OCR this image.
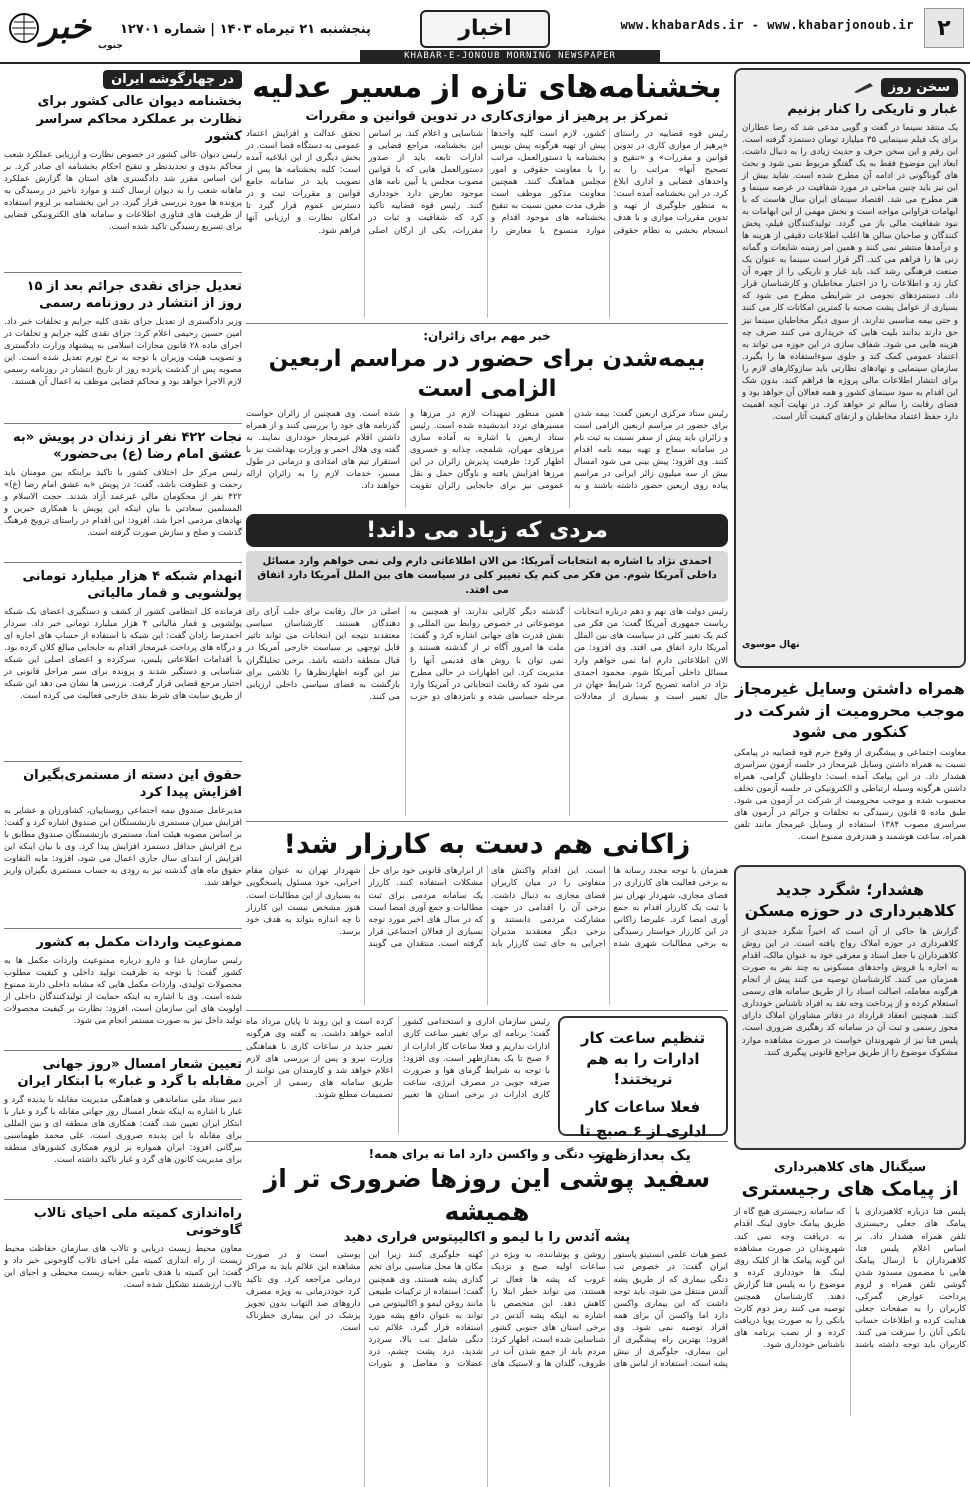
۲
www.khabarAds.ir - www.khabarjonoub.ir
اخبار
پنجشنبه ۲۱ تیرماه ۱۴۰۳ | شماره ۱۲۷۰۱
خبر جنوب
KHABAR-E-JONOUB MORNING NEWSPAPER
سخن روز
غبار و تاریکی را کنار بزنیم
یک منتقد سینما در گفت و گویی مدعی شد که رضا عطاران برای یک فیلم سینمایی ۳۵ میلیارد تومان دستمزد گرفته است. این رقم و این سخن حرف و حدیث زیادی را به دنبال داشت. ابعاد این موضوع فقط به یک گفتگو مربوط نمی شود و بحث های گوناگونی در ادامه آن مطرح شده است. شاید بیش از این نیز باید چنین مباحثی در مورد شفافیت در عرصه سینما و هنر مطرح می شد. اقتصاد سینمای ایران سال هاست که با ابهامات فراوانی مواجه است و بخش مهمی از این ابهامات به نبود شفافیت مالی باز می گردد. تولیدکنندگان فیلم، پخش کنندگان و صاحبان سالن ها اغلب اطلاعات دقیقی از هزینه ها و درآمدها منتشر نمی کنند و همین امر زمینه شایعات و گمانه زنی ها را فراهم می کند. اگر قرار است سینما به عنوان یک صنعت فرهنگی رشد کند، باید غبار و تاریکی را از چهره آن کنار زد و اطلاعات را در اختیار مخاطبان و کارشناسان قرار داد. دستمزدهای نجومی در شرایطی مطرح می شود که بسیاری از عوامل پشت صحنه با کمترین امکانات کار می کنند و حتی بیمه مناسبی ندارند. از سوی دیگر مخاطبان سینما نیز حق دارند بدانند بلیت هایی که خریداری می کنند صرف چه هزینه هایی می شود. شفاف سازی در این حوزه می تواند به اعتماد عمومی کمک کند و جلوی سوءاستفاده ها را بگیرد. سازمان سینمایی و نهادهای نظارتی باید سازوکارهای لازم را برای انتشار اطلاعات مالی پروژه ها فراهم کنند. بدون شک این اقدام به سود سینمای کشور و همه فعالان آن خواهد بود و فضای رقابت را سالم تر خواهد کرد. در نهایت آنچه اهمیت دارد حفظ اعتماد مخاطبان و ارتقای کیفیت آثار است.
نهال موسوی
همراه داشتن وسایل غیرمجاز موجب محرومیت از شرکت در کنکور می شود
معاونت اجتماعی و پیشگیری از وقوع جرم قوه قضاییه در پیامکی نسبت به همراه داشتن وسایل غیرمجاز در جلسه آزمون سراسری هشدار داد. در این پیامک آمده است: داوطلبان گرامی، همراه داشتن هرگونه وسیله ارتباطی و الکترونیکی در جلسه آزمون تخلف محسوب شده و موجب محرومیت از شرکت در آزمون می شود. طبق ماده ۵ قانون رسیدگی به تخلفات و جرائم در آزمون های سراسری مصوب ۱۳۸۴ استفاده از وسایل غیرمجاز مانند تلفن همراه، ساعت هوشمند و هندزفری ممنوع است.
هشدار؛ شگرد جدید کلاهبرداری در حوزه مسکن
گزارش ها حاکی از آن است که اخیراً شگرد جدیدی از کلاهبرداری در حوزه املاک رواج یافته است. در این روش کلاهبرداران با جعل اسناد و معرفی خود به عنوان مالک، اقدام به اجاره یا فروش واحدهای مسکونی به چند نفر به صورت همزمان می کنند. کارشناسان توصیه می کنند پیش از انجام هرگونه معامله، اصالت اسناد را از طریق سامانه های رسمی استعلام کرده و از پرداخت وجه نقد به افراد ناشناس خودداری کنند. همچنین انعقاد قرارداد در دفاتر مشاوران املاک دارای مجوز رسمی و ثبت آن در سامانه کد رهگیری ضروری است. پلیس فتا نیز از شهروندان خواست در صورت مشاهده موارد مشکوک موضوع را از طریق مراجع قانونی پیگیری کنند.
سیگنال های کلاهبرداری
از پیامک های رجیستری
پلیس فتا درباره کلاهبرداری با پیامک های جعلی رجیستری تلفن همراه هشدار داد. بر اساس اعلام پلیس فتا، کلاهبرداران با ارسال پیامک هایی با مضمون مسدود شدن گوشی تلفن همراه و لزوم پرداخت عوارض گمرکی، کاربران را به صفحات جعلی هدایت کرده و اطلاعات حساب بانکی آنان را سرقت می کنند. کاربران باید توجه داشته باشند که سامانه رجیستری هیچ گاه از طریق پیامک حاوی لینک اقدام به دریافت وجه نمی کند. شهروندان در صورت مشاهده این گونه پیامک ها از کلیک روی لینک ها خودداری کرده و موضوع را به پلیس فتا گزارش دهند. کارشناسان همچنین توصیه می کنند رمز دوم کارت بانکی را به صورت پویا دریافت کرده و از نصب برنامه های ناشناس خودداری شود.
در چهارگوشه ایران
بخشنامه دیوان عالی کشور برای نظارت بر عملکرد محاکم سراسر کشور
رئیس دیوان عالی کشور در خصوص نظارت و ارزیابی عملکرد شعب محاکم بدوی و تجدیدنظر و تنقیح احکام بخشنامه ای صادر کرد. بر این اساس مقرر شد دادگستری های استان ها گزارش عملکرد ماهانه شعب را به دیوان ارسال کنند و موارد تاخیر در رسیدگی به پرونده ها مورد بررسی قرار گیرد. در این بخشنامه بر لزوم استفاده از ظرفیت های فناوری اطلاعات و سامانه های الکترونیکی قضایی برای تسریع رسیدگی تاکید شده است.
تعدیل جزای نقدی جرائم بعد از ۱۵ روز از انتشار در روزنامه رسمی
وزیر دادگستری از تعدیل جزای نقدی کلیه جرایم و تخلفات خبر داد. امین حسین رحیمی اعلام کرد: جزای نقدی کلیه جرایم و تخلفات در اجرای ماده ۲۸ قانون مجازات اسلامی به پیشنهاد وزارت دادگستری و تصویب هیئت وزیران با توجه به نرخ تورم تعدیل شده است. این مصوبه پس از گذشت پانزده روز از تاریخ انتشار در روزنامه رسمی لازم الاجرا خواهد بود و محاکم قضایی موظف به اعمال آن هستند.
نجات ۴۲۲ نفر از زندان در پویش «به عشق امام رضا (ع) بی‌حضور»
رئیس مرکز حل اختلاف کشور با تاکید براینکه بین مومنان باید رحمت و عطوفت باشد، گفت: در پویش «به عشق امام رضا (ع)» ۴۲۲ نفر از محکومان مالی غیرعمد آزاد شدند. حجت الاسلام و المسلمین سعادتی با بیان اینکه این پویش با همکاری خیرین و نهادهای مردمی اجرا شد، افزود: این اقدام در راستای ترویج فرهنگ گذشت و صلح و سازش صورت گرفته است.
انهدام شبکه ۴ هزار میلیارد تومانی پولشویی و قمار مالیاتی
فرمانده کل انتظامی کشور از کشف و دستگیری اعضای یک شبکه پولشویی و قمار مالیاتی ۴ هزار میلیارد تومانی خبر داد. سردار احمدرضا رادان گفت: این شبکه با استفاده از حساب های اجاره ای و درگاه های پرداخت غیرمجاز اقدام به جابجایی مبالغ کلان کرده بود. با اقدامات اطلاعاتی پلیس، سرکرده و اعضای اصلی این شبکه شناسایی و دستگیر شدند و پرونده برای سیر مراحل قانونی در اختیار مرجع قضایی قرار گرفت. بررسی ها نشان می دهد این شبکه از طریق سایت های شرط بندی خارجی فعالیت می کرده است.
حقوق این دسته از مستمری‌بگیران افزایش پیدا کرد
مدیرعامل صندوق بیمه اجتماعی روستاییان، کشاورزان و عشایر به افزایش میزان مستمری بازنشستگان این صندوق اشاره کرد و گفت: بر اساس مصوبه هیئت امنا، مستمری بازنشستگان صندوق مطابق با نرخ افزایش حداقل دستمزد افزایش پیدا کرد. وی با بیان اینکه این افزایش از ابتدای سال جاری اعمال می شود، افزود: مابه التفاوت حقوق ماه های گذشته نیز به زودی به حساب مستمری بگیران واریز خواهد شد.
ممنوعیت واردات مکمل به کشور
رئیس سازمان غذا و دارو درباره ممنوعیت واردات مکمل ها به کشور گفت: با توجه به ظرفیت تولید داخلی و کیفیت مطلوب محصولات تولیدی، واردات مکمل هایی که مشابه داخلی دارند ممنوع شده است. وی با اشاره به اینکه حمایت از تولیدکنندگان داخلی از اولویت های این سازمان است، افزود: نظارت بر کیفیت محصولات تولید داخل نیز به صورت مستمر انجام می شود.
تعیین شعار امسال «روز جهانی مقابله با گرد و غبار» با ابتکار ایران
دبیر ستاد ملی ساماندهی و هماهنگی مدیریت مقابله با پدیده گرد و غبار با اشاره به اینکه شعار امسال روز جهانی مقابله با گرد و غبار با ابتکار ایران تعیین شد، گفت: همکاری های منطقه ای و بین المللی برای مقابله با این پدیده ضروری است. علی محمد طهماسبی بیرگانی افزود: ایران همواره بر لزوم همکاری کشورهای منطقه برای مدیریت کانون های گرد و غبار تاکید داشته است.
راه‌اندازی کمیته ملی احیای تالاب گاوخونی
معاون محیط زیست دریایی و تالاب های سازمان حفاظت محیط زیست از راه اندازی کمیته ملی احیای تالاب گاوخونی خبر داد و گفت: این کمیته با هدف تامین حقابه زیست محیطی و احیای این تالاب ارزشمند تشکیل شده است.
بخشنامه‌های تازه از مسیر عدلیه
تمرکز بر پرهیز از موازی‌کاری در تدوین قوانین و مقررات
رئیس قوه قضاییه در راستای «پرهیز از موازی کاری در تدوین قوانین و مقررات» و «تنقیح و تصحیح آنها» مراتب را به واحدهای قضایی و اداری ابلاغ کرد. در این بخشنامه آمده است: به منظور جلوگیری از تهیه و تدوین مقررات موازی و با هدف انسجام بخشی به نظام حقوقی کشور، لازم است کلیه واحدها پیش از تهیه هرگونه پیش نویس بخشنامه یا دستورالعمل، مراتب را با معاونت حقوقی و امور مجلس هماهنگ کنند. همچنین معاونت مذکور موظف است ظرف مدت معین نسبت به تنقیح بخشنامه های موجود اقدام و موارد منسوخ یا معارض را شناسایی و اعلام کند. بر اساس این بخشنامه، مراجع قضایی و ادارات تابعه باید از صدور دستورالعمل هایی که با قوانین مصوب مجلس یا آیین نامه های موجود تعارض دارد خودداری کنند. رئیس قوه قضاییه تاکید کرد که شفافیت و ثبات در مقررات، یکی از ارکان اصلی تحقق عدالت و افزایش اعتماد عمومی به دستگاه قضا است. در بخش دیگری از این ابلاغیه آمده است: کلیه بخشنامه ها پس از تصویب باید در سامانه جامع قوانین و مقررات ثبت و در دسترس عموم قرار گیرد تا امکان نظارت و ارزیابی آنها فراهم شود.
خبر مهم برای زائران:
بیمه‌شدن برای حضور در مراسم اربعین الزامی است
رئیس ستاد مرکزی اربعین گفت: بیمه شدن برای حضور در مراسم اربعین الزامی است و زائران باید پیش از سفر نسبت به ثبت نام در سامانه سماح و تهیه بیمه نامه اقدام کنند. وی افزود: پیش بینی می شود امسال بیش از سه میلیون زائر ایرانی در مراسم پیاده روی اربعین حضور داشته باشند و به همین منظور تمهیدات لازم در مرزها و مسیرهای تردد اندیشیده شده است. رئیس ستاد اربعین با اشاره به آماده سازی مرزهای مهران، شلمچه، چذابه و خسروی اظهار کرد: ظرفیت پذیرش زائران در این مرزها افزایش یافته و ناوگان حمل و نقل عمومی نیز برای جابجایی زائران تقویت شده است. وی همچنین از زائران خواست گذرنامه های خود را بررسی کنند و از همراه داشتن اقلام غیرمجاز خودداری نمایند. به گفته وی هلال احمر و وزارت بهداشت نیز با استقرار تیم های امدادی و درمانی در طول مسیر، خدمات لازم را به زائران ارائه خواهند داد.
مردی که زیاد می داند!
احمدی نژاد با اشاره به انتخابات آمریکا: من الان اطلاعاتی دارم ولی نمی خواهم وارد مسائل داخلی آمریکا شوم. من فکر می کنم یک تغییر کلی در سیاست های بین الملل آمریکا دارد اتفاق می افتد.
رئیس دولت های نهم و دهم درباره انتخابات ریاست جمهوری آمریکا گفت: من فکر می کنم یک تغییر کلی در سیاست های بین الملل آمریکا دارد اتفاق می افتد. وی افزود: من الان اطلاعاتی دارم اما نمی خواهم وارد مسائل داخلی آمریکا شوم. محمود احمدی نژاد در ادامه تصریح کرد: شرایط جهان در حال تغییر است و بسیاری از معادلات گذشته دیگر کارایی ندارند. او همچنین به موضوعاتی در خصوص روابط بین المللی و نقش قدرت های جهانی اشاره کرد و گفت: ملت ها امروز آگاه تر از گذشته هستند و نمی توان با روش های قدیمی آنها را مدیریت کرد. این اظهارات در حالی مطرح می شود که رقابت انتخاباتی در آمریکا وارد مرحله حساسی شده و نامزدهای دو حزب اصلی در حال رقابت برای جلب آرای رای دهندگان هستند. کارشناسان سیاسی معتقدند نتیجه این انتخابات می تواند تاثیر قابل توجهی بر سیاست خارجی آمریکا در قبال منطقه داشته باشد. برخی تحلیلگران نیز این گونه اظهارنظرها را تلاشی برای بازگشت به فضای سیاسی داخلی ارزیابی می کنند.
زاکانی هم دست به کارزار شد!
همزمان با توجه مجدد رسانه ها به برخی فعالیت های کارزاری در فضای مجازی، شهردار تهران نیز با ثبت یک کارزار اقدام به جمع آوری امضا کرد. علیرضا زاکانی در این کارزار خواستار رسیدگی به برخی مطالبات شهری شده است. این اقدام واکنش های متفاوتی را در میان کاربران فضای مجازی به دنبال داشت. برخی آن را اقدامی در جهت مشارکت مردمی دانستند و برخی دیگر معتقدند مدیران اجرایی به جای ثبت کارزار باید از ابزارهای قانونی خود برای حل مشکلات استفاده کنند. کارزار یک سامانه مردمی برای ثبت مطالبات و جمع آوری امضا است که در سال های اخیر مورد توجه بسیاری از فعالان اجتماعی قرار گرفته است. منتقدان می گویند شهردار تهران به عنوان مقام اجرایی، خود مسئول پاسخگویی به بسیاری از این مطالبات است. هنوز مشخص نیست این کارزار تا چه اندازه بتواند به هدف خود برسد.
تنظیم ساعت کار ادارات را به هم نریختند!
فعلا ساعات کار اداری از ۶ صبح تا یک بعدازظهر
رئیس سازمان اداری و استخدامی کشور گفت: برنامه ای برای تغییر ساعت کاری ادارات نداریم و فعلا ساعات کار ادارات از ۶ صبح تا یک بعدازظهر است. وی افزود: با توجه به شرایط گرمای هوا و ضرورت صرفه جویی در مصرف انرژی، ساعت کاری ادارات در برخی استان ها تغییر کرده است و این روند تا پایان مرداد ماه ادامه خواهد داشت. به گفته وی هرگونه تغییر جدید در ساعات کاری با هماهنگی وزارت نیرو و پس از بررسی های لازم اعلام خواهد شد و کارمندان می توانند از طریق سامانه های رسمی از آخرین تصمیمات مطلع شوند.
تب دنگی و واکسن دارد اما نه برای همه!
سفید پوشی این روزها ضروری تر از همیشه
پشه آئدس را با لیمو و اکالیپتوس فراری دهید
عضو هیات علمی انستیتو پاستور ایران گفت: در خصوص تب دنگی بیماری که از طریق پشه آئدس منتقل می شود، باید توجه داشت که این بیماری واکسن دارد اما واکسن آن برای همه افراد توصیه نمی شود. وی افزود: بهترین راه پیشگیری از این بیماری، جلوگیری از نیش پشه است. استفاده از لباس های روشن و پوشاننده، به ویژه در ساعات اولیه صبح و نزدیک غروب که پشه ها فعال تر هستند، می تواند خطر ابتلا را کاهش دهد. این متخصص با اشاره به اینکه پشه آئدس در برخی استان های جنوبی کشور شناسایی شده است، اظهار کرد: مردم باید از جمع شدن آب در ظروف، گلدان ها و لاستیک های کهنه جلوگیری کنند زیرا این مکان ها محل مناسبی برای تخم گذاری پشه هستند. وی همچنین گفت: استفاده از ترکیبات طبیعی مانند روغن لیمو و اکالیپتوس می تواند به عنوان دافع پشه مورد استفاده قرار گیرد. علائم تب دنگی شامل تب بالا، سردرد شدید، درد پشت چشم، درد عضلات و مفاصل و بثورات پوستی است و در صورت مشاهده این علائم باید به مراکز درمانی مراجعه کرد. وی تاکید کرد خوددرمانی به ویژه مصرف داروهای ضد التهاب بدون تجویز پزشک در این بیماری خطرناک است.
